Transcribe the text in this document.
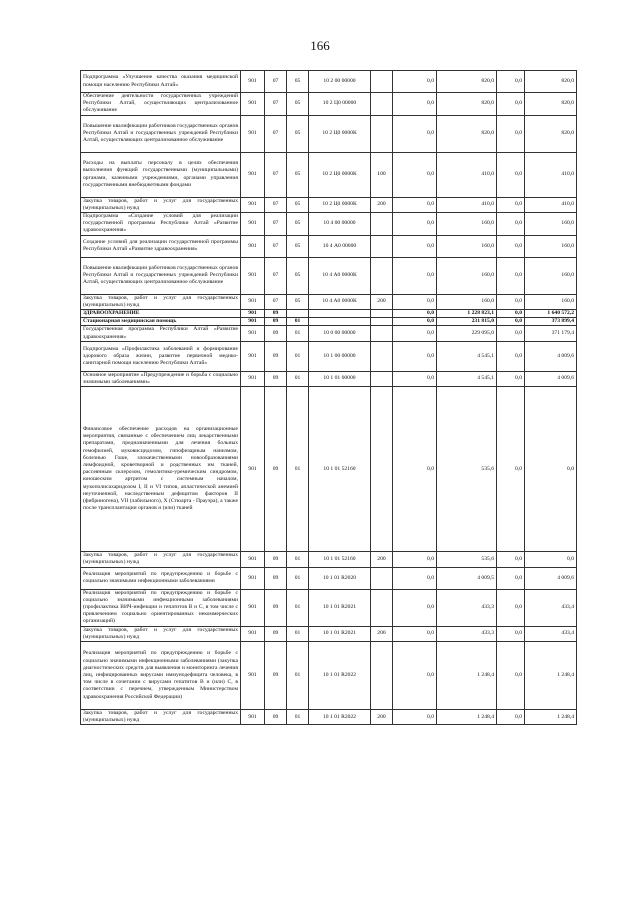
166
Подпрограмма «Улучшение качества оказания медицинской помощи населению Республики Алтай»	901	07	05	10 2 00 00000		0,0	820,0	0,0	820,0
Обеспечение деятельности государственных учреждений Республики Алтай, осуществляющих централизованное обслуживание	901	07	05	10 2 Ц0 00000		0,0	820,0	0,0	820,0
Повышение квалификации работников государственных органов Республики Алтай и государственных учреждений Республики Алтай, осуществляющих централизованное обслуживание	901	07	05	10 2 Ц0 0000К		0,0	820,0	0,0	820,0
Расходы на выплаты персоналу в целях обеспечения выполнения функций государственными (муниципальными) органами, казенными учреждениями, органами управления государственными внебюджетными фондами	901	07	05	10 2 Ц0 0000К	100	0,0	410,0	0,0	410,0
Закупка товаров, работ и услуг для государственных (муниципальных) нужд	901	07	05	10 2 Ц0 0000К	200	0,0	410,0	0,0	410,0
Подпрограмма «Создание условий для реализации государственной программы Республики Алтай «Развитие здравоохранения»	901	07	05	10 4 00 00000		0,0	160,0	0,0	160,0
Создание условий для реализации государственной программы Республики Алтай «Развитие здравоохранения»	901	07	05	10 4 А0 00000		0,0	160,0	0,0	160,0
Повышение квалификации работников государственных органов Республики Алтай и государственных учреждений Республики Алтай, осуществляющих централизованное обслуживание	901	07	05	10 4 А0 0000К		0,0	160,0	0,0	160,0
Закупка товаров, работ и услуг для государственных (муниципальных) нужд	901	07	05	10 4 А0 0000К	200	0,0	160,0	0,0	160,0
ЗДРАВООХРАНЕНИЕ	901	09				0,0	1 228 823,1	0,0	1 640 572,2
Стационарная медицинская помощь	901	09	01			0,0	231 815,0	0,0	373 899,4
Государственная программа Республики Алтай «Развитие здравоохранения»	901	09	01	10 0 00 00000		0,0	229 095,0	0,0	371 179,4
Подпрограмма «Профилактика заболеваний и формирование здорового образа жизни, развитие первичной медико-санитарной помощи населению Республики Алтай»	901	09	01	10 1 00 00000		0,0	4 545,1	0,0	4 009,6
Основное мероприятие «Предупреждение и борьба с социально значимыми заболеваниями»	901	09	01	10 1 01 00000		0,0	4 545,1	0,0	4 009,6
Финансовое обеспечение расходов на организационные мероприятия, связанные с обеспечением лиц лекарственными препаратами, предназначенными для лечения больных гемофилией, муковисцидозом, гипофизарным нанизмом, болезнью Гоше, злокачественными новообразованиями лимфоидной, кроветворной и родственных им тканей, рассеянным склерозом, гемолитико-уремическим синдромом, юношеским артритом с системным началом, мукополисахаридозом I, II и VI типов, апластической анемией неуточненной, наследственным дефицитом факторов II (фибриногена), VII (лабильного), X (Стюарта - Прауэра), а также после трансплантации органов и (или) тканей	901	09	01	10 1 01 52160		0,0	535,6	0,0	0,0
Закупка товаров, работ и услуг для государственных (муниципальных) нужд	901	09	01	10 1 01 52160	200	0,0	535,6	0,0	0,0
Реализация мероприятий по предупреждению и борьбе с социально значимыми инфекционными заболеваниями	901	09	01	10 1 01 R2020		0,0	4 009,5	0,0	4 009,6
Реализация мероприятий по предупреждению и борьбе с социально значимыми инфекционными заболеваниями (профилактика ВИЧ-инфекции и гепатитов B и C, в том числе с привлечением социально ориентированных некоммерческих организаций)	901	09	01	10 1 01 R2021		0,0	433,3	0,0	433,4
Закупка товаров, работ и услуг для государственных (муниципальных) нужд	901	09	01	10 1 01 R2021	200	0,0	433,3	0,0	433,4
Реализация мероприятий по предупреждению и борьбе с социально значимыми инфекционными заболеваниями (закупка диагностических средств для выявления и мониторинга лечения лиц, инфицированных вирусами иммунодефицита человека, в том числе в сочетании с вирусами гепатитов B и (или) C, в соответствии с перечнем, утвержденным Министерством здравоохранения Российской Федерации)	901	09	01	10 1 01 R2022		0,0	1 248,4	0,0	1 248,4
Закупка товаров, работ и услуг для государственных (муниципальных) нужд	901	09	01	10 1 01 R2022	200	0,0	1 248,4	0,0	1 248,4
